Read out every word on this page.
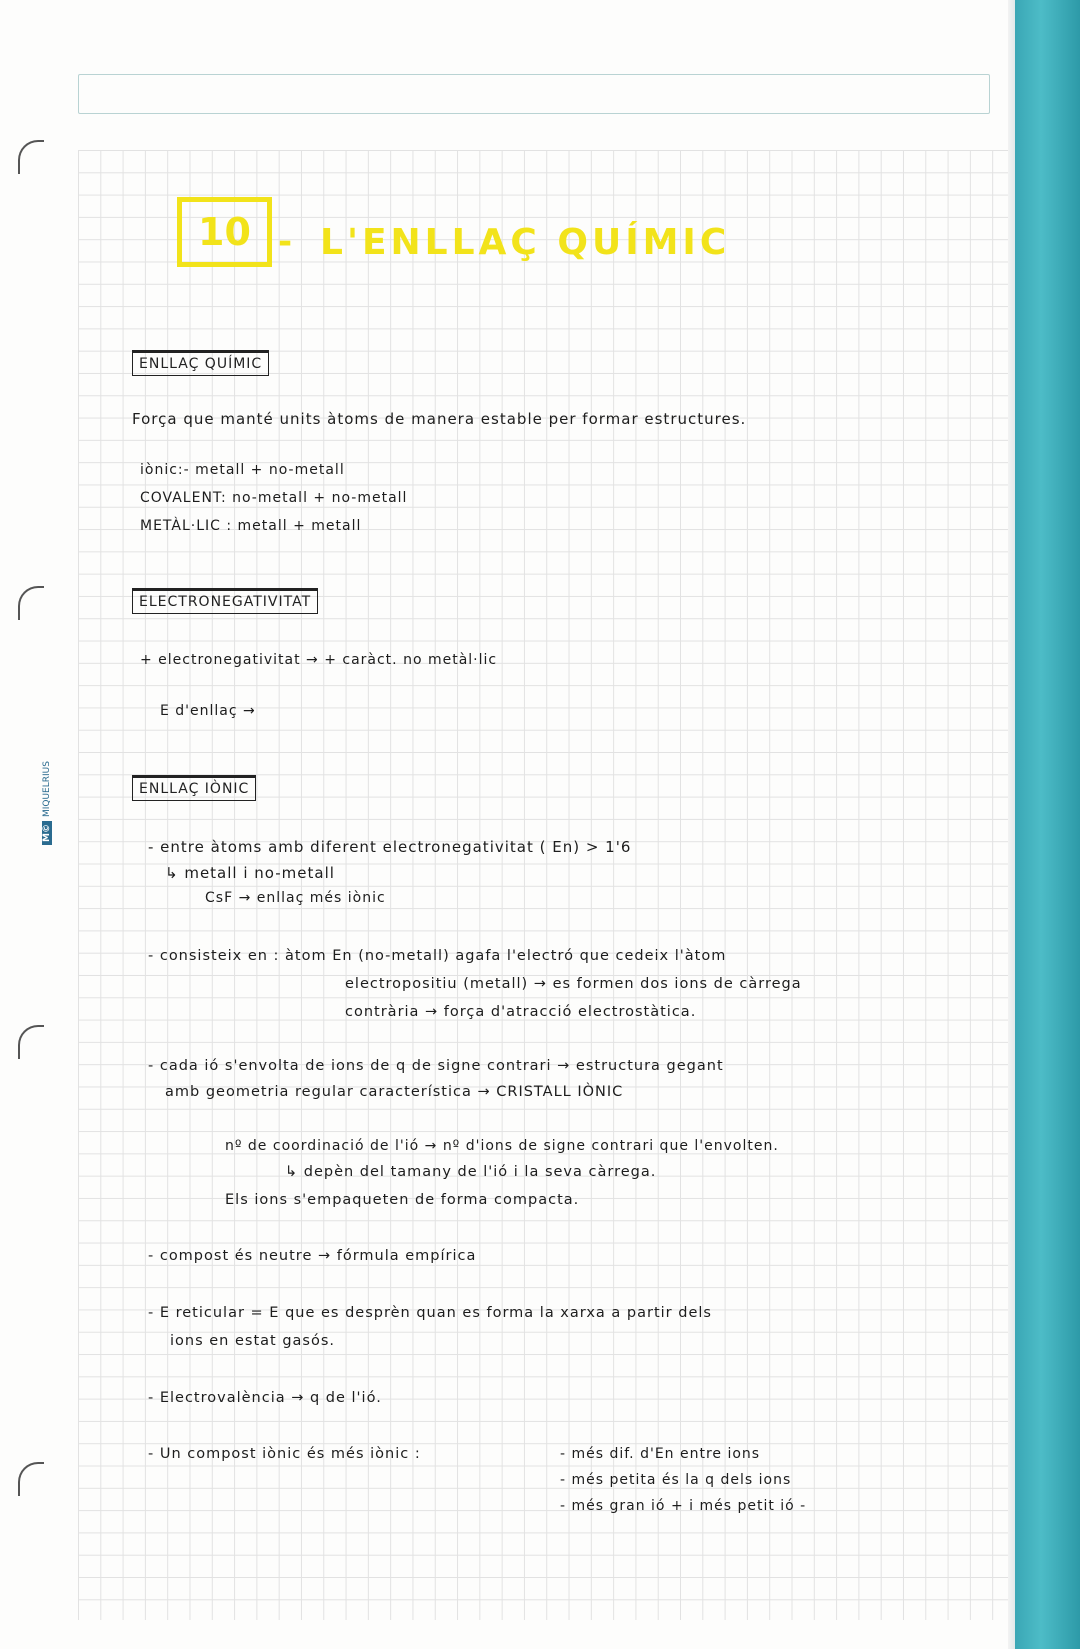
M©
MIQUELRIUS
10 - L'ENLLAÇ QUÍMIC
ENLLAÇ QUÍMIC
Força que manté units àtoms de manera estable per formar estructures.
iònic:- metall + no-metall
COVALENT: no-metall + no-metall
METÀL·LIC : metall + metall
ELECTRONEGATIVITAT
+ electronegativitat → + caràct. no metàl·lic
E d'enllaç →
ENLLAÇ IÒNIC
- entre àtoms amb diferent electronegativitat ( En) > 1'6
↳ metall i no-metall
CsF → enllaç més iònic
- consisteix en : àtom En (no-metall) agafa l'electró que cedeix l'àtom
electropositiu (metall) → es formen dos ions de càrrega
contrària → força d'atracció electrostàtica.
- cada ió s'envolta de ions de q de signe contrari → estructura gegant
amb geometria regular característica → CRISTALL IÒNIC
nº de coordinació de l'ió → nº d'ions de signe contrari que l'envolten.
↳ depèn del tamany de l'ió i la seva càrrega.
Els ions s'empaqueten de forma compacta.
- compost és neutre → fórmula empírica
- E reticular = E que es desprèn quan es forma la xarxa a partir dels
ions en estat gasós.
- Electrovalència → q de l'ió.
- Un compost iònic és més iònic :	- més dif. d'En entre ions
- més petita és la q dels ions
- més gran ió + i més petit ió -
